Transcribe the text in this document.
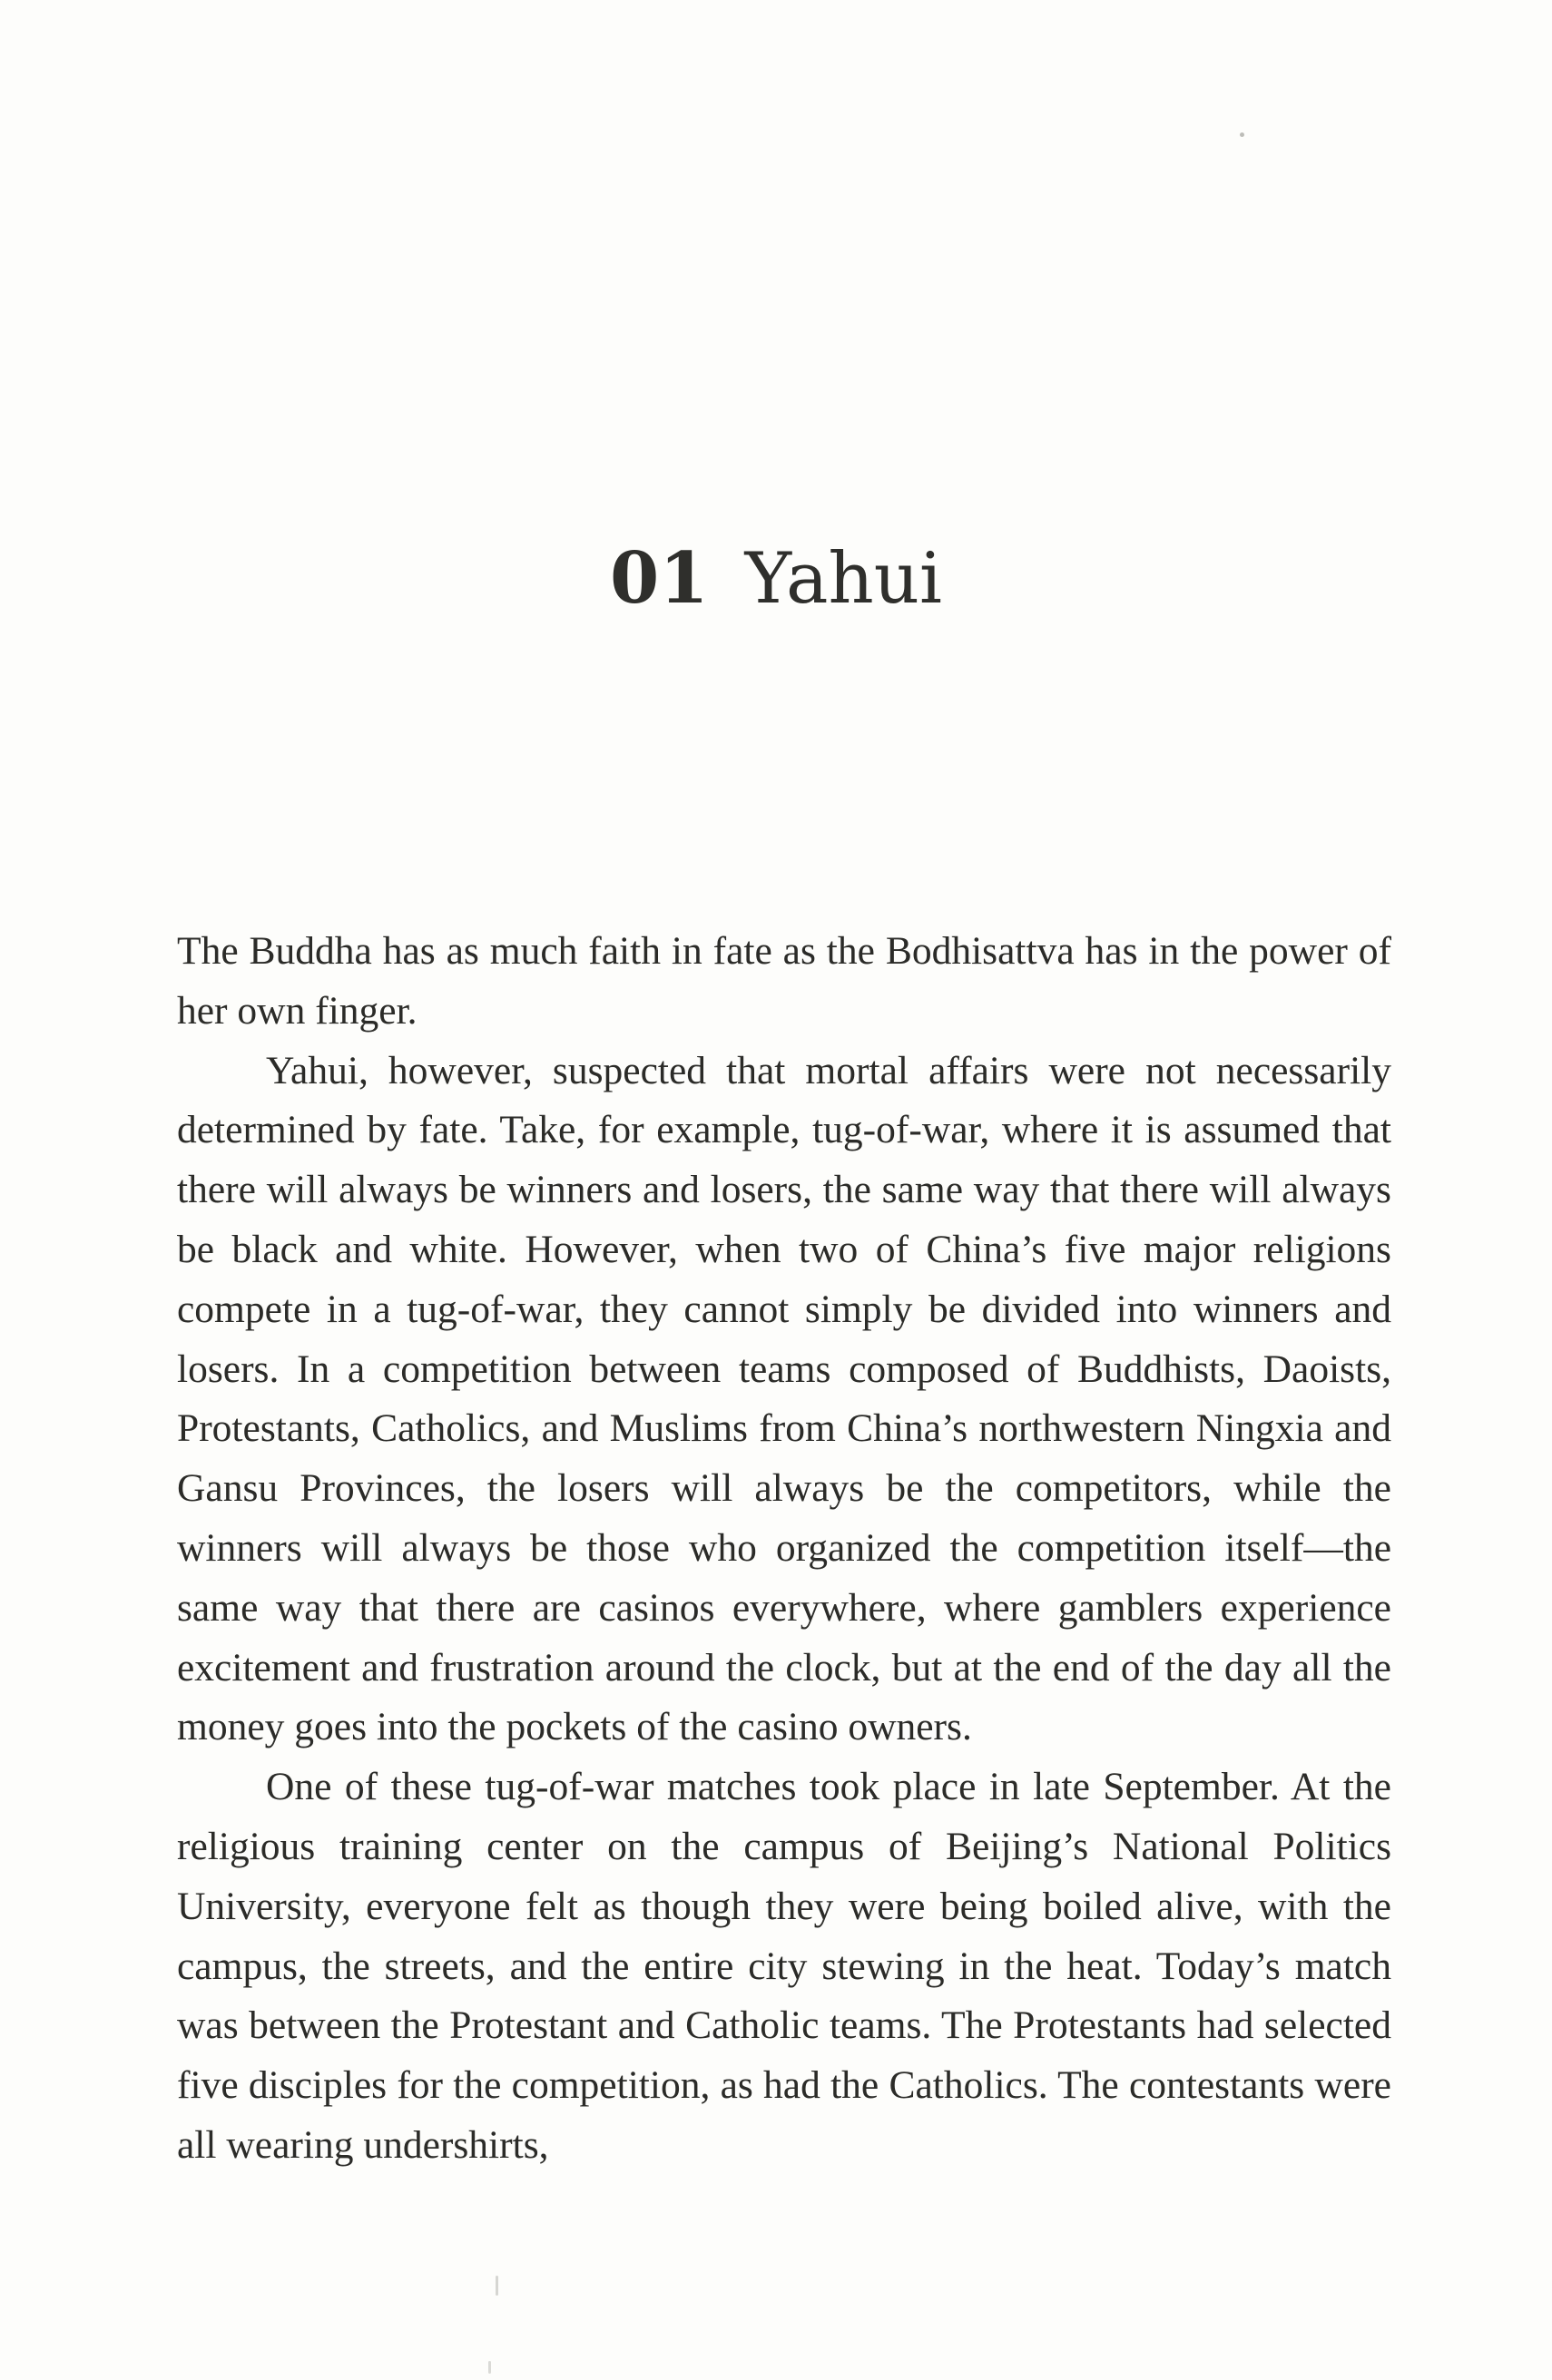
01 Yahui

The Buddha has as much faith in fate as the Bodhisattva has in the power of her own finger.

Yahui, however, suspected that mortal affairs were not necessarily determined by fate. Take, for example, tug-of-war, where it is assumed that there will always be winners and losers, the same way that there will always be black and white. However, when two of China’s five major religions compete in a tug-of-war, they cannot simply be divided into winners and losers. In a competition between teams composed of Buddhists, Daoists, Protestants, Catholics, and Muslims from China’s northwestern Ningxia and Gansu Provinces, the losers will always be the competitors, while the winners will always be those who organized the competition itself—the same way that there are casinos everywhere, where gamblers experience excitement and frustration around the clock, but at the end of the day all the money goes into the pockets of the casino owners.

One of these tug-of-war matches took place in late September. At the religious training center on the campus of Beijing’s National Politics University, everyone felt as though they were being boiled alive, with the campus, the streets, and the entire city stewing in the heat. Today’s match was between the Protestant and Catholic teams. The Protestants had selected five disciples for the competition, as had the Catholics. The contestants were all wearing undershirts,
